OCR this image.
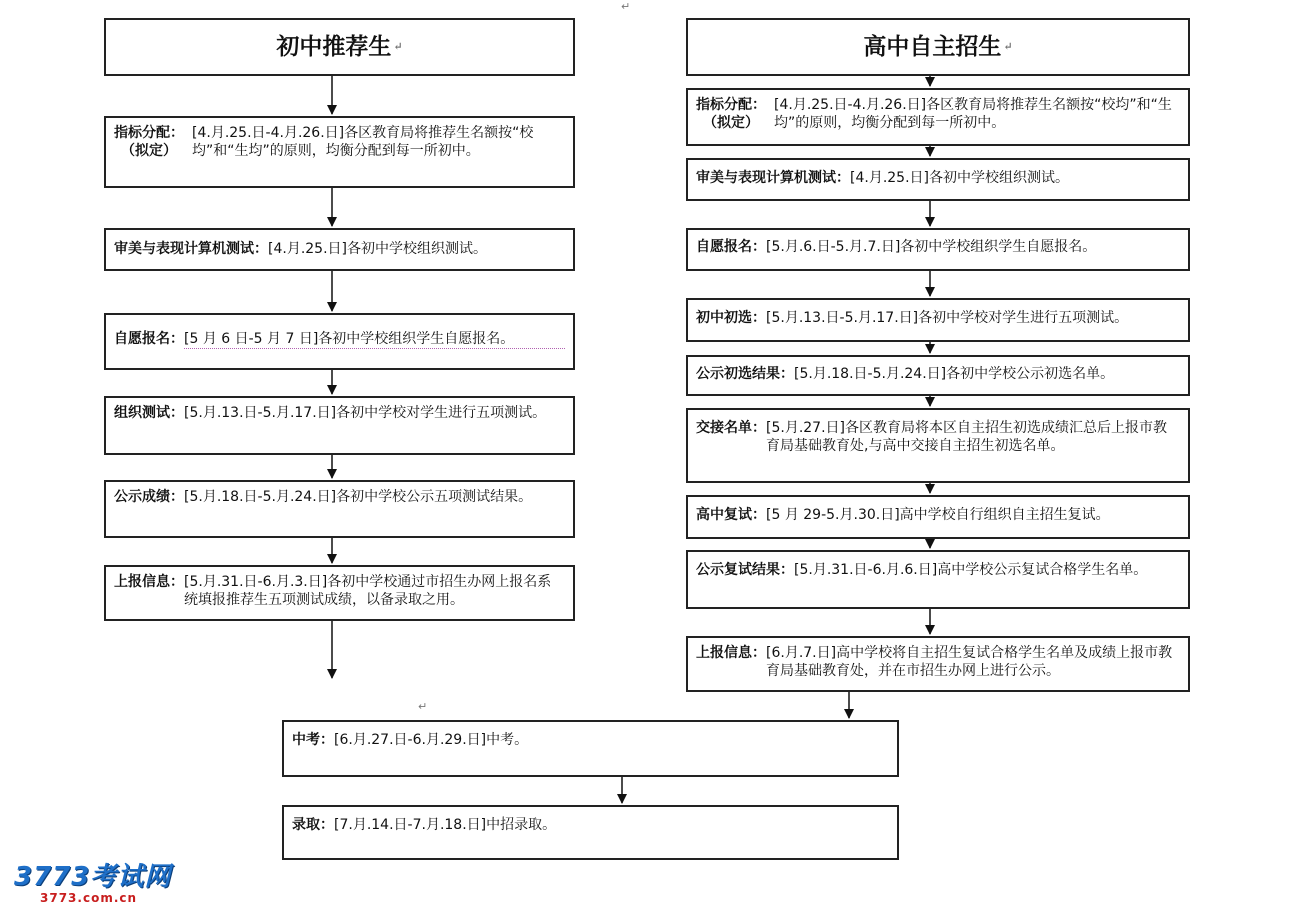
初中推荐生 ↵
指标分配：
（拟定）
[4.月.25.日-4.月.26.日]各区教育局将推荐生名额按“校均”和“生均”的原则，均衡分配到每一所初中。
审美与表现计算机测试： [4.月.25.日]各初中学校组织测试。
自愿报名： [5 月 6 日-5 月 7 日]各初中学校组织学生自愿报名。
组织测试： [5.月.13.日-5.月.17.日]各初中学校对学生进行五项测试。
公示成绩： [5.月.18.日-5.月.24.日]各初中学校公示五项测试结果。
上报信息： [5.月.31.日-6.月.3.日]各初中学校通过市招生办网上报名系统填报推荐生五项测试成绩，以备录取之用。
高中自主招生 ↵
指标分配：
（拟定）
[4.月.25.日-4.月.26.日]各区教育局将推荐生名额按“校均”和“生均”的原则，均衡分配到每一所初中。
审美与表现计算机测试： [4.月.25.日]各初中学校组织测试。
自愿报名： [5.月.6.日-5.月.7.日]各初中学校组织学生自愿报名。
初中初选： [5.月.13.日-5.月.17.日]各初中学校对学生进行五项测试。
公示初选结果： [5.月.18.日-5.月.24.日]各初中学校公示初选名单。
交接名单： [5.月.27.日]各区教育局将本区自主招生初选成绩汇总后上报市教育局基础教育处,与高中交接自主招生初选名单。
高中复试： [5 月 29-5.月.30.日]高中学校自行组织自主招生复试。
公示复试结果： [5.月.31.日-6.月.6.日]高中学校公示复试合格学生名单。
上报信息： [6.月.7.日]高中学校将自主招生复试合格学生名单及成绩上报市教育局基础教育处，并在市招生办网上进行公示。
中考： [6.月.27.日-6.月.29.日]中考。
录取： [7.月.14.日-7.月.18.日]中招录取。
↵
↵
3773考试网
3773.com.cn
